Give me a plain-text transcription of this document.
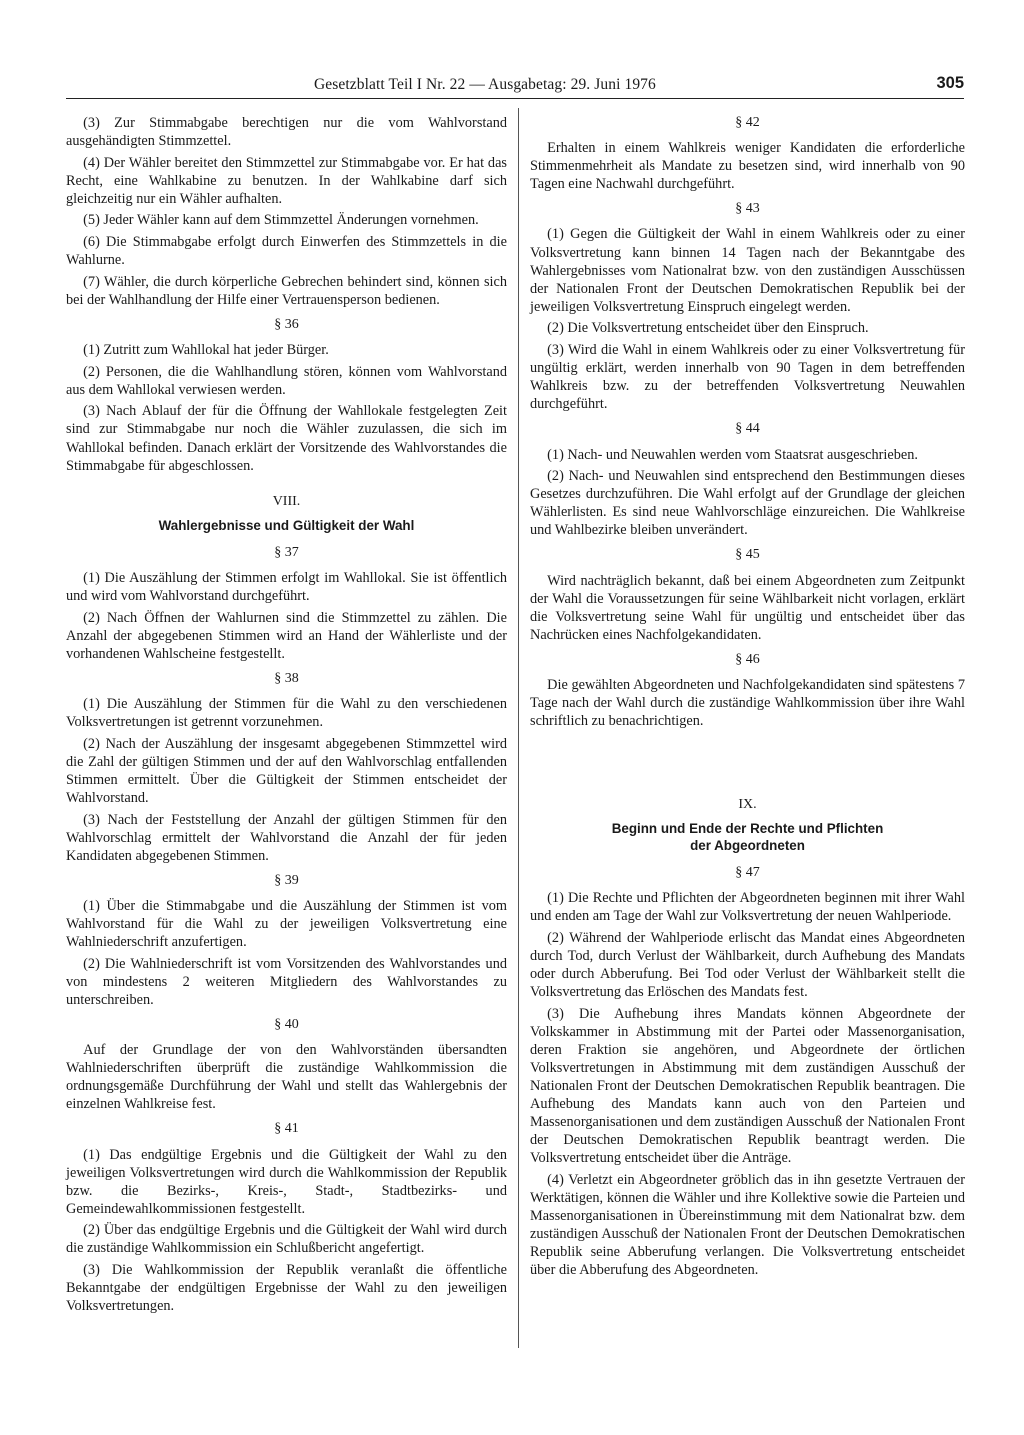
Gesetzblatt Teil I Nr. 22 — Ausgabetag: 29. Juni 1976	305

(3) Zur Stimmabgabe berechtigen nur die vom Wahlvorstand ausgehändigten Stimmzettel.

(4) Der Wähler bereitet den Stimmzettel zur Stimmabgabe vor. Er hat das Recht, eine Wahlkabine zu benutzen. In der Wahlkabine darf sich gleichzeitig nur ein Wähler aufhalten.

(5) Jeder Wähler kann auf dem Stimmzettel Änderungen vornehmen.

(6) Die Stimmabgabe erfolgt durch Einwerfen des Stimmzettels in die Wahlurne.

(7) Wähler, die durch körperliche Gebrechen behindert sind, können sich bei der Wahlhandlung der Hilfe einer Vertrauensperson bedienen.

§ 36

(1) Zutritt zum Wahllokal hat jeder Bürger.

(2) Personen, die die Wahlhandlung stören, können vom Wahlvorstand aus dem Wahllokal verwiesen werden.

(3) Nach Ablauf der für die Öffnung der Wahllokale festgelegten Zeit sind zur Stimmabgabe nur noch die Wähler zuzulassen, die sich im Wahllokal befinden. Danach erklärt der Vorsitzende des Wahlvorstandes die Stimmabgabe für abgeschlossen.

VIII.
Wahlergebnisse und Gültigkeit der Wahl
§ 37

(1) Die Auszählung der Stimmen erfolgt im Wahllokal. Sie ist öffentlich und wird vom Wahlvorstand durchgeführt.

(2) Nach Öffnen der Wahlurnen sind die Stimmzettel zu zählen. Die Anzahl der abgegebenen Stimmen wird an Hand der Wählerliste und der vorhandenen Wahlscheine festgestellt.

§ 38

(1) Die Auszählung der Stimmen für die Wahl zu den verschiedenen Volksvertretungen ist getrennt vorzunehmen.

(2) Nach der Auszählung der insgesamt abgegebenen Stimmzettel wird die Zahl der gültigen Stimmen und der auf den Wahlvorschlag entfallenden Stimmen ermittelt. Über die Gültigkeit der Stimmen entscheidet der Wahlvorstand.

(3) Nach der Feststellung der Anzahl der gültigen Stimmen für den Wahlvorschlag ermittelt der Wahlvorstand die Anzahl der für jeden Kandidaten abgegebenen Stimmen.

§ 39

(1) Über die Stimmabgabe und die Auszählung der Stimmen ist vom Wahlvorstand für die Wahl zu der jeweiligen Volksvertretung eine Wahlniederschrift anzufertigen.

(2) Die Wahlniederschrift ist vom Vorsitzenden des Wahlvorstandes und von mindestens 2 weiteren Mitgliedern des Wahlvorstandes zu unterschreiben.

§ 40

Auf der Grundlage der von den Wahlvorständen übersandten Wahlniederschriften überprüft die zuständige Wahlkommission die ordnungsgemäße Durchführung der Wahl und stellt das Wahlergebnis der einzelnen Wahlkreise fest.

§ 41

(1) Das endgültige Ergebnis und die Gültigkeit der Wahl zu den jeweiligen Volksvertretungen wird durch die Wahlkommission der Republik bzw. die Bezirks-, Kreis-, Stadt-, Stadtbezirks- und Gemeindewahlkommissionen festgestellt.

(2) Über das endgültige Ergebnis und die Gültigkeit der Wahl wird durch die zuständige Wahlkommission ein Schlußbericht angefertigt.

(3) Die Wahlkommission der Republik veranlaßt die öffentliche Bekanntgabe der endgültigen Ergebnisse der Wahl zu den jeweiligen Volksvertretungen.

§ 42

Erhalten in einem Wahlkreis weniger Kandidaten die erforderliche Stimmenmehrheit als Mandate zu besetzen sind, wird innerhalb von 90 Tagen eine Nachwahl durchgeführt.

§ 43

(1) Gegen die Gültigkeit der Wahl in einem Wahlkreis oder zu einer Volksvertretung kann binnen 14 Tagen nach der Bekanntgabe des Wahlergebnisses vom Nationalrat bzw. von den zuständigen Ausschüssen der Nationalen Front der Deutschen Demokratischen Republik bei der jeweiligen Volksvertretung Einspruch eingelegt werden.

(2) Die Volksvertretung entscheidet über den Einspruch.

(3) Wird die Wahl in einem Wahlkreis oder zu einer Volksvertretung für ungültig erklärt, werden innerhalb von 90 Tagen in dem betreffenden Wahlkreis bzw. zu der betreffenden Volksvertretung Neuwahlen durchgeführt.

§ 44

(1) Nach- und Neuwahlen werden vom Staatsrat ausgeschrieben.

(2) Nach- und Neuwahlen sind entsprechend den Bestimmungen dieses Gesetzes durchzuführen. Die Wahl erfolgt auf der Grundlage der gleichen Wählerlisten. Es sind neue Wahlvorschläge einzureichen. Die Wahlkreise und Wahlbezirke bleiben unverändert.

§ 45

Wird nachträglich bekannt, daß bei einem Abgeordneten zum Zeitpunkt der Wahl die Voraussetzungen für seine Wählbarkeit nicht vorlagen, erklärt die Volksvertretung seine Wahl für ungültig und entscheidet über das Nachrücken eines Nachfolgekandidaten.

§ 46

Die gewählten Abgeordneten und Nachfolgekandidaten sind spätestens 7 Tage nach der Wahl durch die zuständige Wahlkommission über ihre Wahl schriftlich zu benachrichtigen.

IX.
Beginn und Ende der Rechte und Pflichten
der Abgeordneten
§ 47

(1) Die Rechte und Pflichten der Abgeordneten beginnen mit ihrer Wahl und enden am Tage der Wahl zur Volksvertretung der neuen Wahlperiode.

(2) Während der Wahlperiode erlischt das Mandat eines Abgeordneten durch Tod, durch Verlust der Wählbarkeit, durch Aufhebung des Mandats oder durch Abberufung. Bei Tod oder Verlust der Wählbarkeit stellt die Volksvertretung das Erlöschen des Mandats fest.

(3) Die Aufhebung ihres Mandats können Abgeordnete der Volkskammer in Abstimmung mit der Partei oder Massenorganisation, deren Fraktion sie angehören, und Abgeordnete der örtlichen Volksvertretungen in Abstimmung mit dem zuständigen Ausschuß der Nationalen Front der Deutschen Demokratischen Republik beantragen. Die Aufhebung des Mandats kann auch von den Parteien und Massenorganisationen und dem zuständigen Ausschuß der Nationalen Front der Deutschen Demokratischen Republik beantragt werden. Die Volksvertretung entscheidet über die Anträge.

(4) Verletzt ein Abgeordneter gröblich das in ihn gesetzte Vertrauen der Werktätigen, können die Wähler und ihre Kollektive sowie die Parteien und Massenorganisationen in Übereinstimmung mit dem Nationalrat bzw. dem zuständigen Ausschuß der Nationalen Front der Deutschen Demokratischen Republik seine Abberufung verlangen. Die Volksvertretung entscheidet über die Abberufung des Abgeordneten.
